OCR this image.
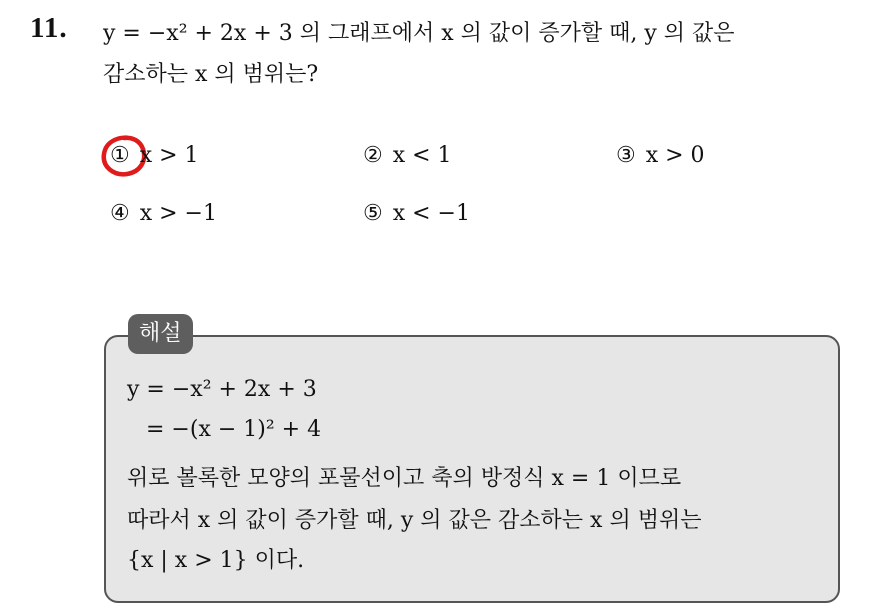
11. y = −x² + 2x + 3 의 그래프에서 x 의 값이 증가할 때, y 의 값은
감소하는 x 의 범위는?
① x > 1	② x < 1	③ x > 0
④ x > −1	⑤ x < −1
해설
y = −x² + 2x + 3
= −(x − 1)² + 4
위로 볼록한 모양의 포물선이고 축의 방정식 x = 1 이므로
따라서 x 의 값이 증가할 때, y 의 값은 감소하는 x 의 범위는
{x | x > 1} 이다.
